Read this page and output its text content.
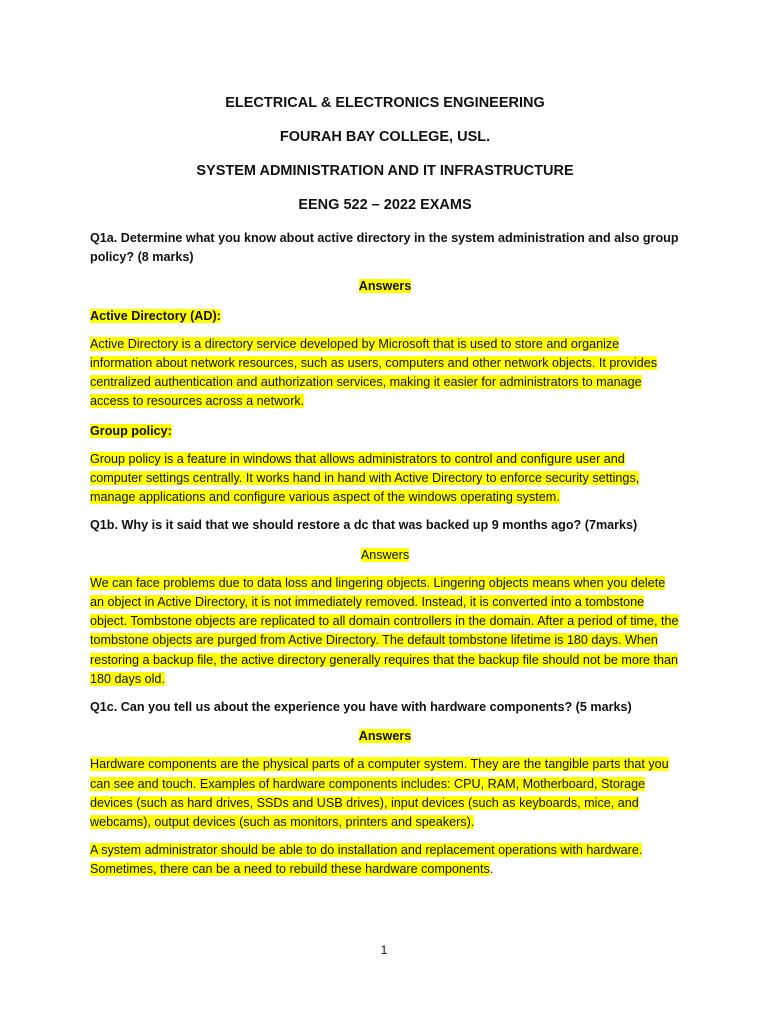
ELECTRICAL & ELECTRONICS ENGINEERING

FOURAH BAY COLLEGE, USL.

SYSTEM ADMINISTRATION AND IT INFRASTRUCTURE

EENG 522 – 2022 EXAMS

Q1a. Determine what you know about active directory in the system administration and also group policy? (8 marks)

Answers

Active Directory (AD):

Active Directory is a directory service developed by Microsoft that is used to store and organize information about network resources, such as users, computers and other network objects. It provides centralized authentication and authorization services, making it easier for administrators to manage access to resources across a network.

Group policy:

Group policy is a feature in windows that allows administrators to control and configure user and computer settings centrally. It works hand in hand with Active Directory to enforce security settings, manage applications and configure various aspect of the windows operating system.

Q1b. Why is it said that we should restore a dc that was backed up 9 months ago? (7marks)

Answers

We can face problems due to data loss and lingering objects. Lingering objects means when you delete an object in Active Directory, it is not immediately removed. Instead, it is converted into a tombstone object. Tombstone objects are replicated to all domain controllers in the domain. After a period of time, the tombstone objects are purged from Active Directory. The default tombstone lifetime is 180 days. When restoring a backup file, the active directory generally requires that the backup file should not be more than 180 days old.

Q1c. Can you tell us about the experience you have with hardware components? (5 marks)

Answers

Hardware components are the physical parts of a computer system. They are the tangible parts that you can see and touch. Examples of hardware components includes: CPU, RAM, Motherboard, Storage devices (such as hard drives, SSDs and USB drives), input devices (such as keyboards, mice, and webcams), output devices (such as monitors, printers and speakers).

A system administrator should be able to do installation and replacement operations with hardware. Sometimes, there can be a need to rebuild these hardware components.

1
